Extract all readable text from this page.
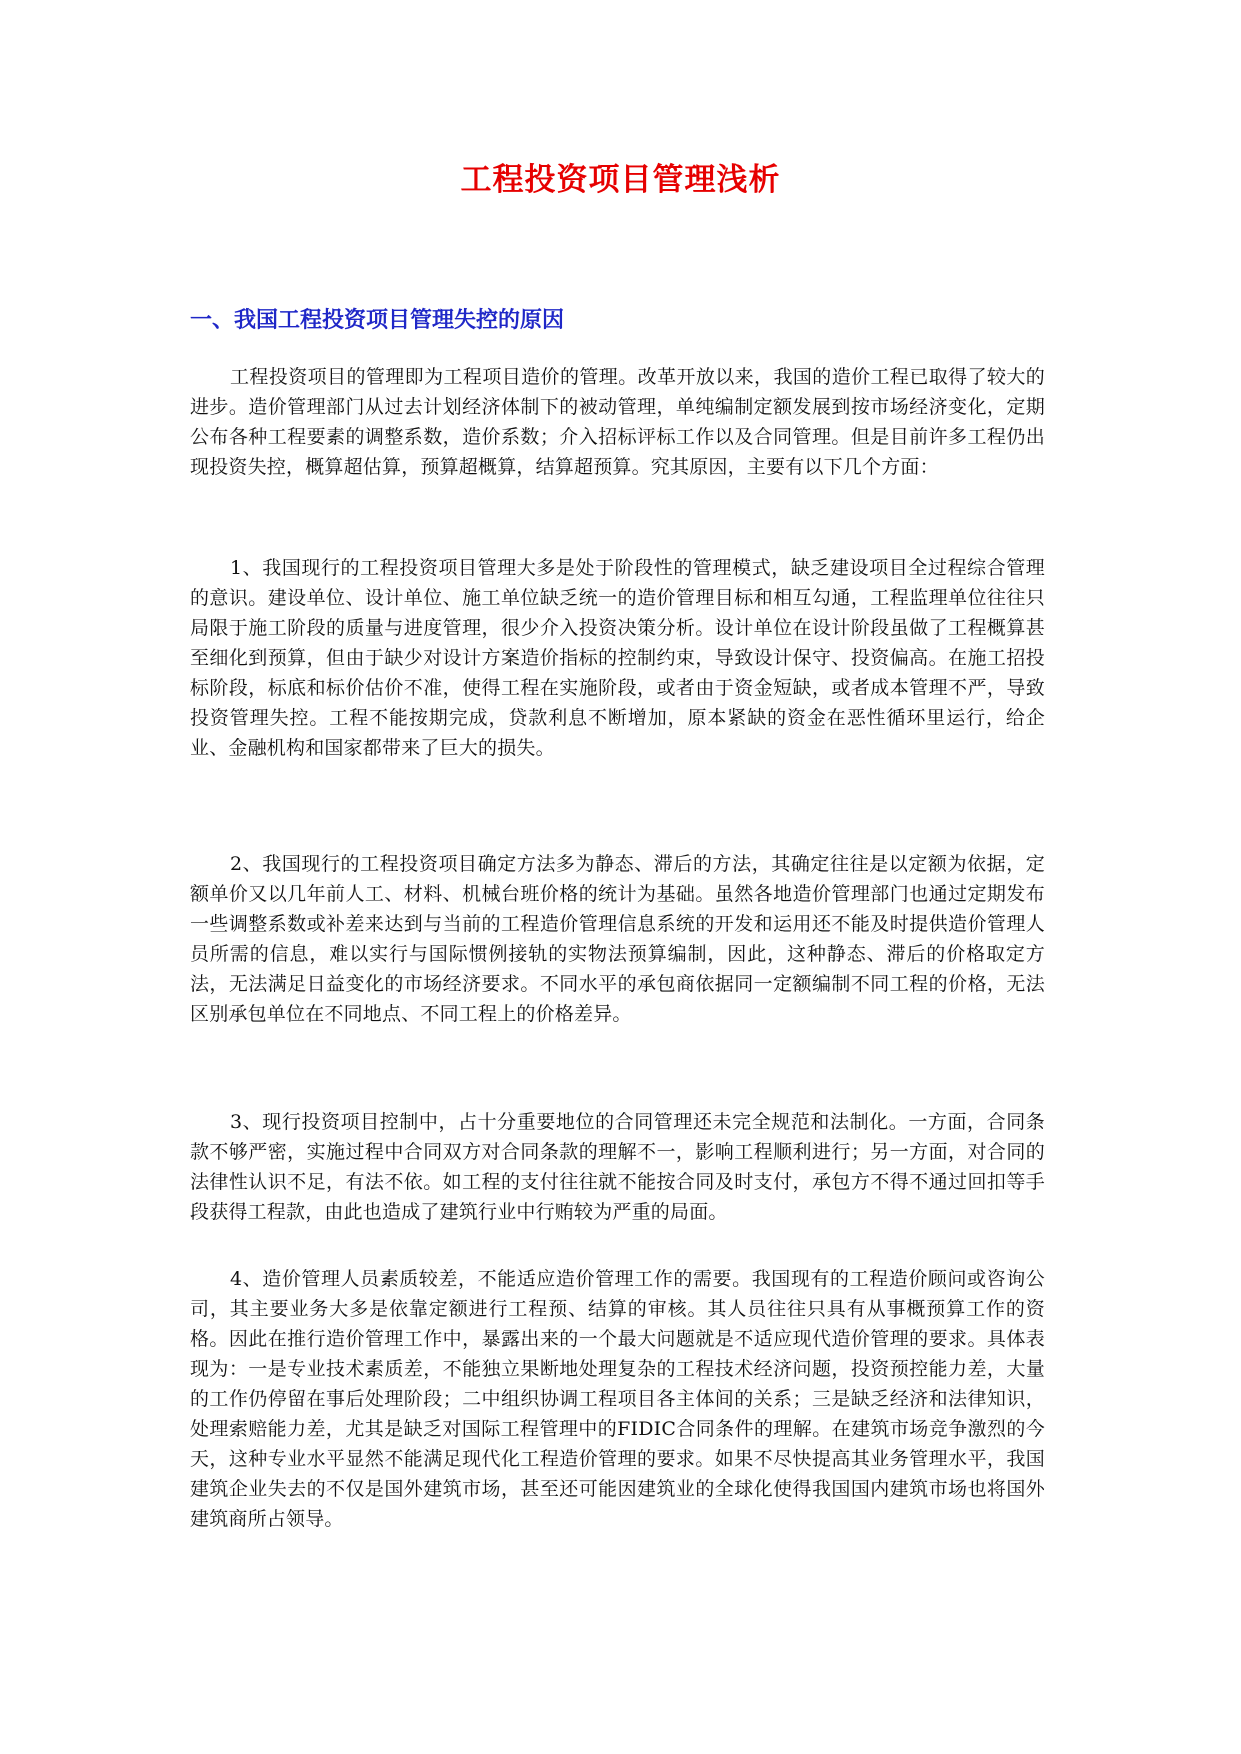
工程投资项目管理浅析
一、我国工程投资项目管理失控的原因

工程投资项目的管理即为工程项目造价的管理。改革开放以来，我国的造价工程已取得了较大的进步。造价管理部门从过去计划经济体制下的被动管理，单纯编制定额发展到按市场经济变化，定期公布各种工程要素的调整系数，造价系数；介入招标评标工作以及合同管理。但是目前许多工程仍出现投资失控，概算超估算，预算超概算，结算超预算。究其原因，主要有以下几个方面：

1、我国现行的工程投资项目管理大多是处于阶段性的管理模式，缺乏建设项目全过程综合管理的意识。建设单位、设计单位、施工单位缺乏统一的造价管理目标和相互勾通，工程监理单位往往只局限于施工阶段的质量与进度管理，很少介入投资决策分析。设计单位在设计阶段虽做了工程概算甚至细化到预算，但由于缺少对设计方案造价指标的控制约束，导致设计保守、投资偏高。在施工招投标阶段，标底和标价估价不准，使得工程在实施阶段，或者由于资金短缺，或者成本管理不严，导致投资管理失控。工程不能按期完成，贷款利息不断增加，原本紧缺的资金在恶性循环里运行，给企业、金融机构和国家都带来了巨大的损失。

2、我国现行的工程投资项目确定方法多为静态、滞后的方法，其确定往往是以定额为依据，定额单价又以几年前人工、材料、机械台班价格的统计为基础。虽然各地造价管理部门也通过定期发布一些调整系数或补差来达到与当前的工程造价管理信息系统的开发和运用还不能及时提供造价管理人员所需的信息，难以实行与国际惯例接轨的实物法预算编制，因此，这种静态、滞后的价格取定方法，无法满足日益变化的市场经济要求。不同水平的承包商依据同一定额编制不同工程的价格，无法区别承包单位在不同地点、不同工程上的价格差异。

3、现行投资项目控制中，占十分重要地位的合同管理还未完全规范和法制化。一方面，合同条款不够严密，实施过程中合同双方对合同条款的理解不一，影响工程顺利进行；另一方面，对合同的法律性认识不足，有法不依。如工程的支付往往就不能按合同及时支付，承包方不得不通过回扣等手段获得工程款，由此也造成了建筑行业中行贿较为严重的局面。

4、造价管理人员素质较差，不能适应造价管理工作的需要。我国现有的工程造价顾问或咨询公司，其主要业务大多是依靠定额进行工程预、结算的审核。其人员往往只具有从事概预算工作的资格。因此在推行造价管理工作中，暴露出来的一个最大问题就是不适应现代造价管理的要求。具体表现为：一是专业技术素质差，不能独立果断地处理复杂的工程技术经济问题，投资预控能力差，大量的工作仍停留在事后处理阶段；二中组织协调工程项目各主体间的关系；三是缺乏经济和法律知识，处理索赔能力差，尤其是缺乏对国际工程管理中的FIDIC合同条件的理解。在建筑市场竞争激烈的今天，这种专业水平显然不能满足现代化工程造价管理的要求。如果不尽快提高其业务管理水平，我国建筑企业失去的不仅是国外建筑市场，甚至还可能因建筑业的全球化使得我国国内建筑市场也将国外建筑商所占领导。
